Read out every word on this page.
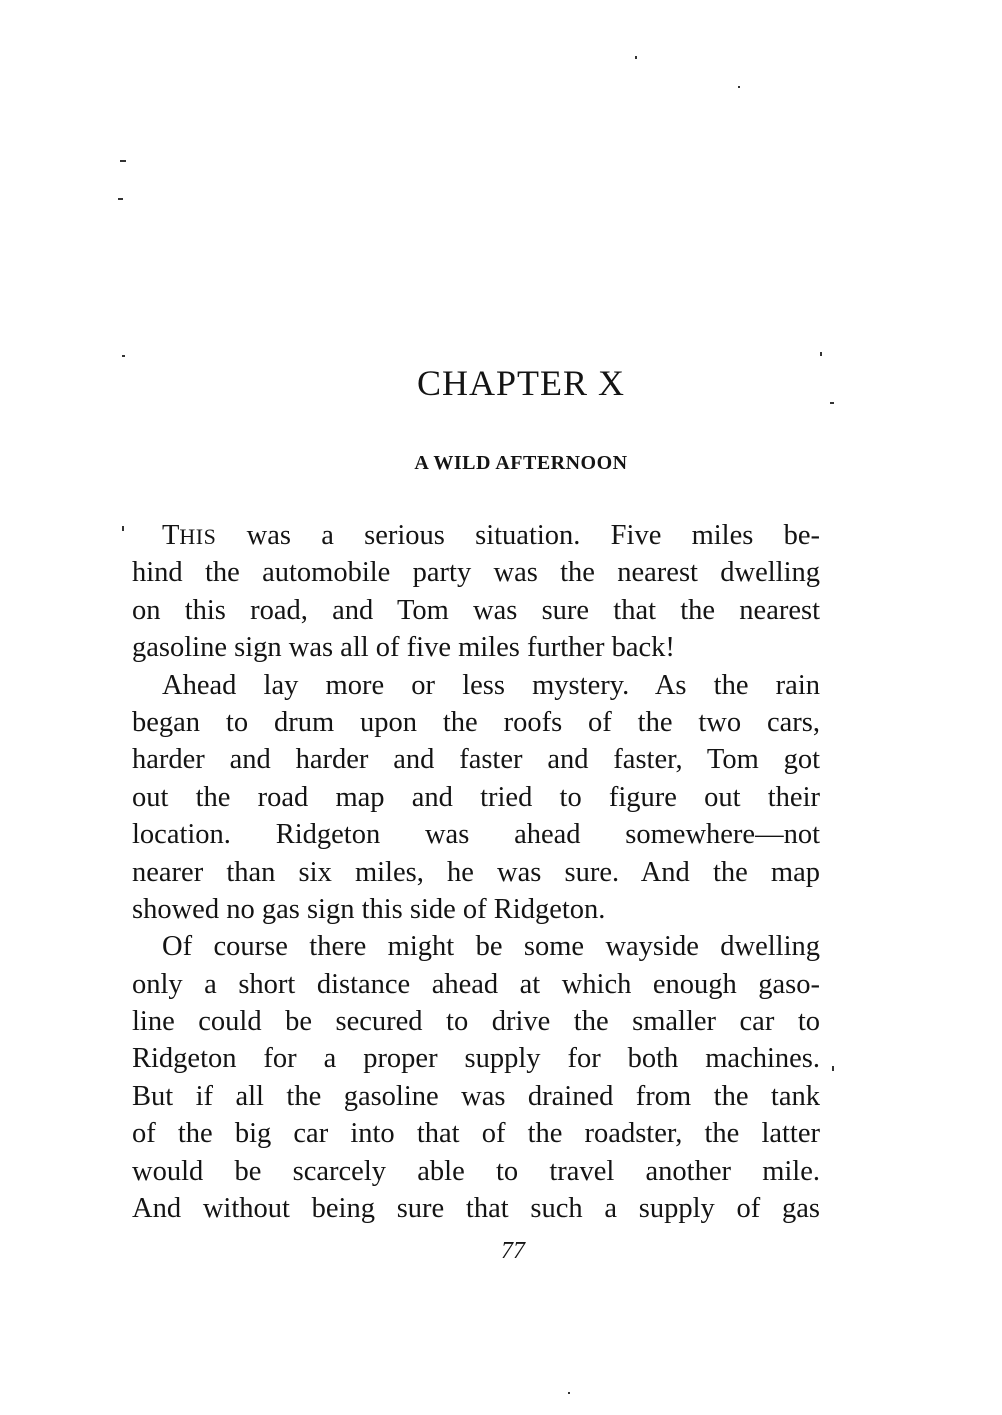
CHAPTER X
A WILD AFTERNOON
THIS was a serious situation. Five miles be-
hind the automobile party was the nearest dwelling
on this road, and Tom was sure that the nearest
gasoline sign was all of five miles further back!
Ahead lay more or less mystery. As the rain
began to drum upon the roofs of the two cars,
harder and harder and faster and faster, Tom got
out the road map and tried to figure out their
location. Ridgeton was ahead somewhere—not
nearer than six miles, he was sure. And the map
showed no gas sign this side of Ridgeton.
Of course there might be some wayside dwelling
only a short distance ahead at which enough gaso-
line could be secured to drive the smaller car to
Ridgeton for a proper supply for both machines.
But if all the gasoline was drained from the tank
of the big car into that of the roadster, the latter
would be scarcely able to travel another mile.
And without being sure that such a supply of gas
77
